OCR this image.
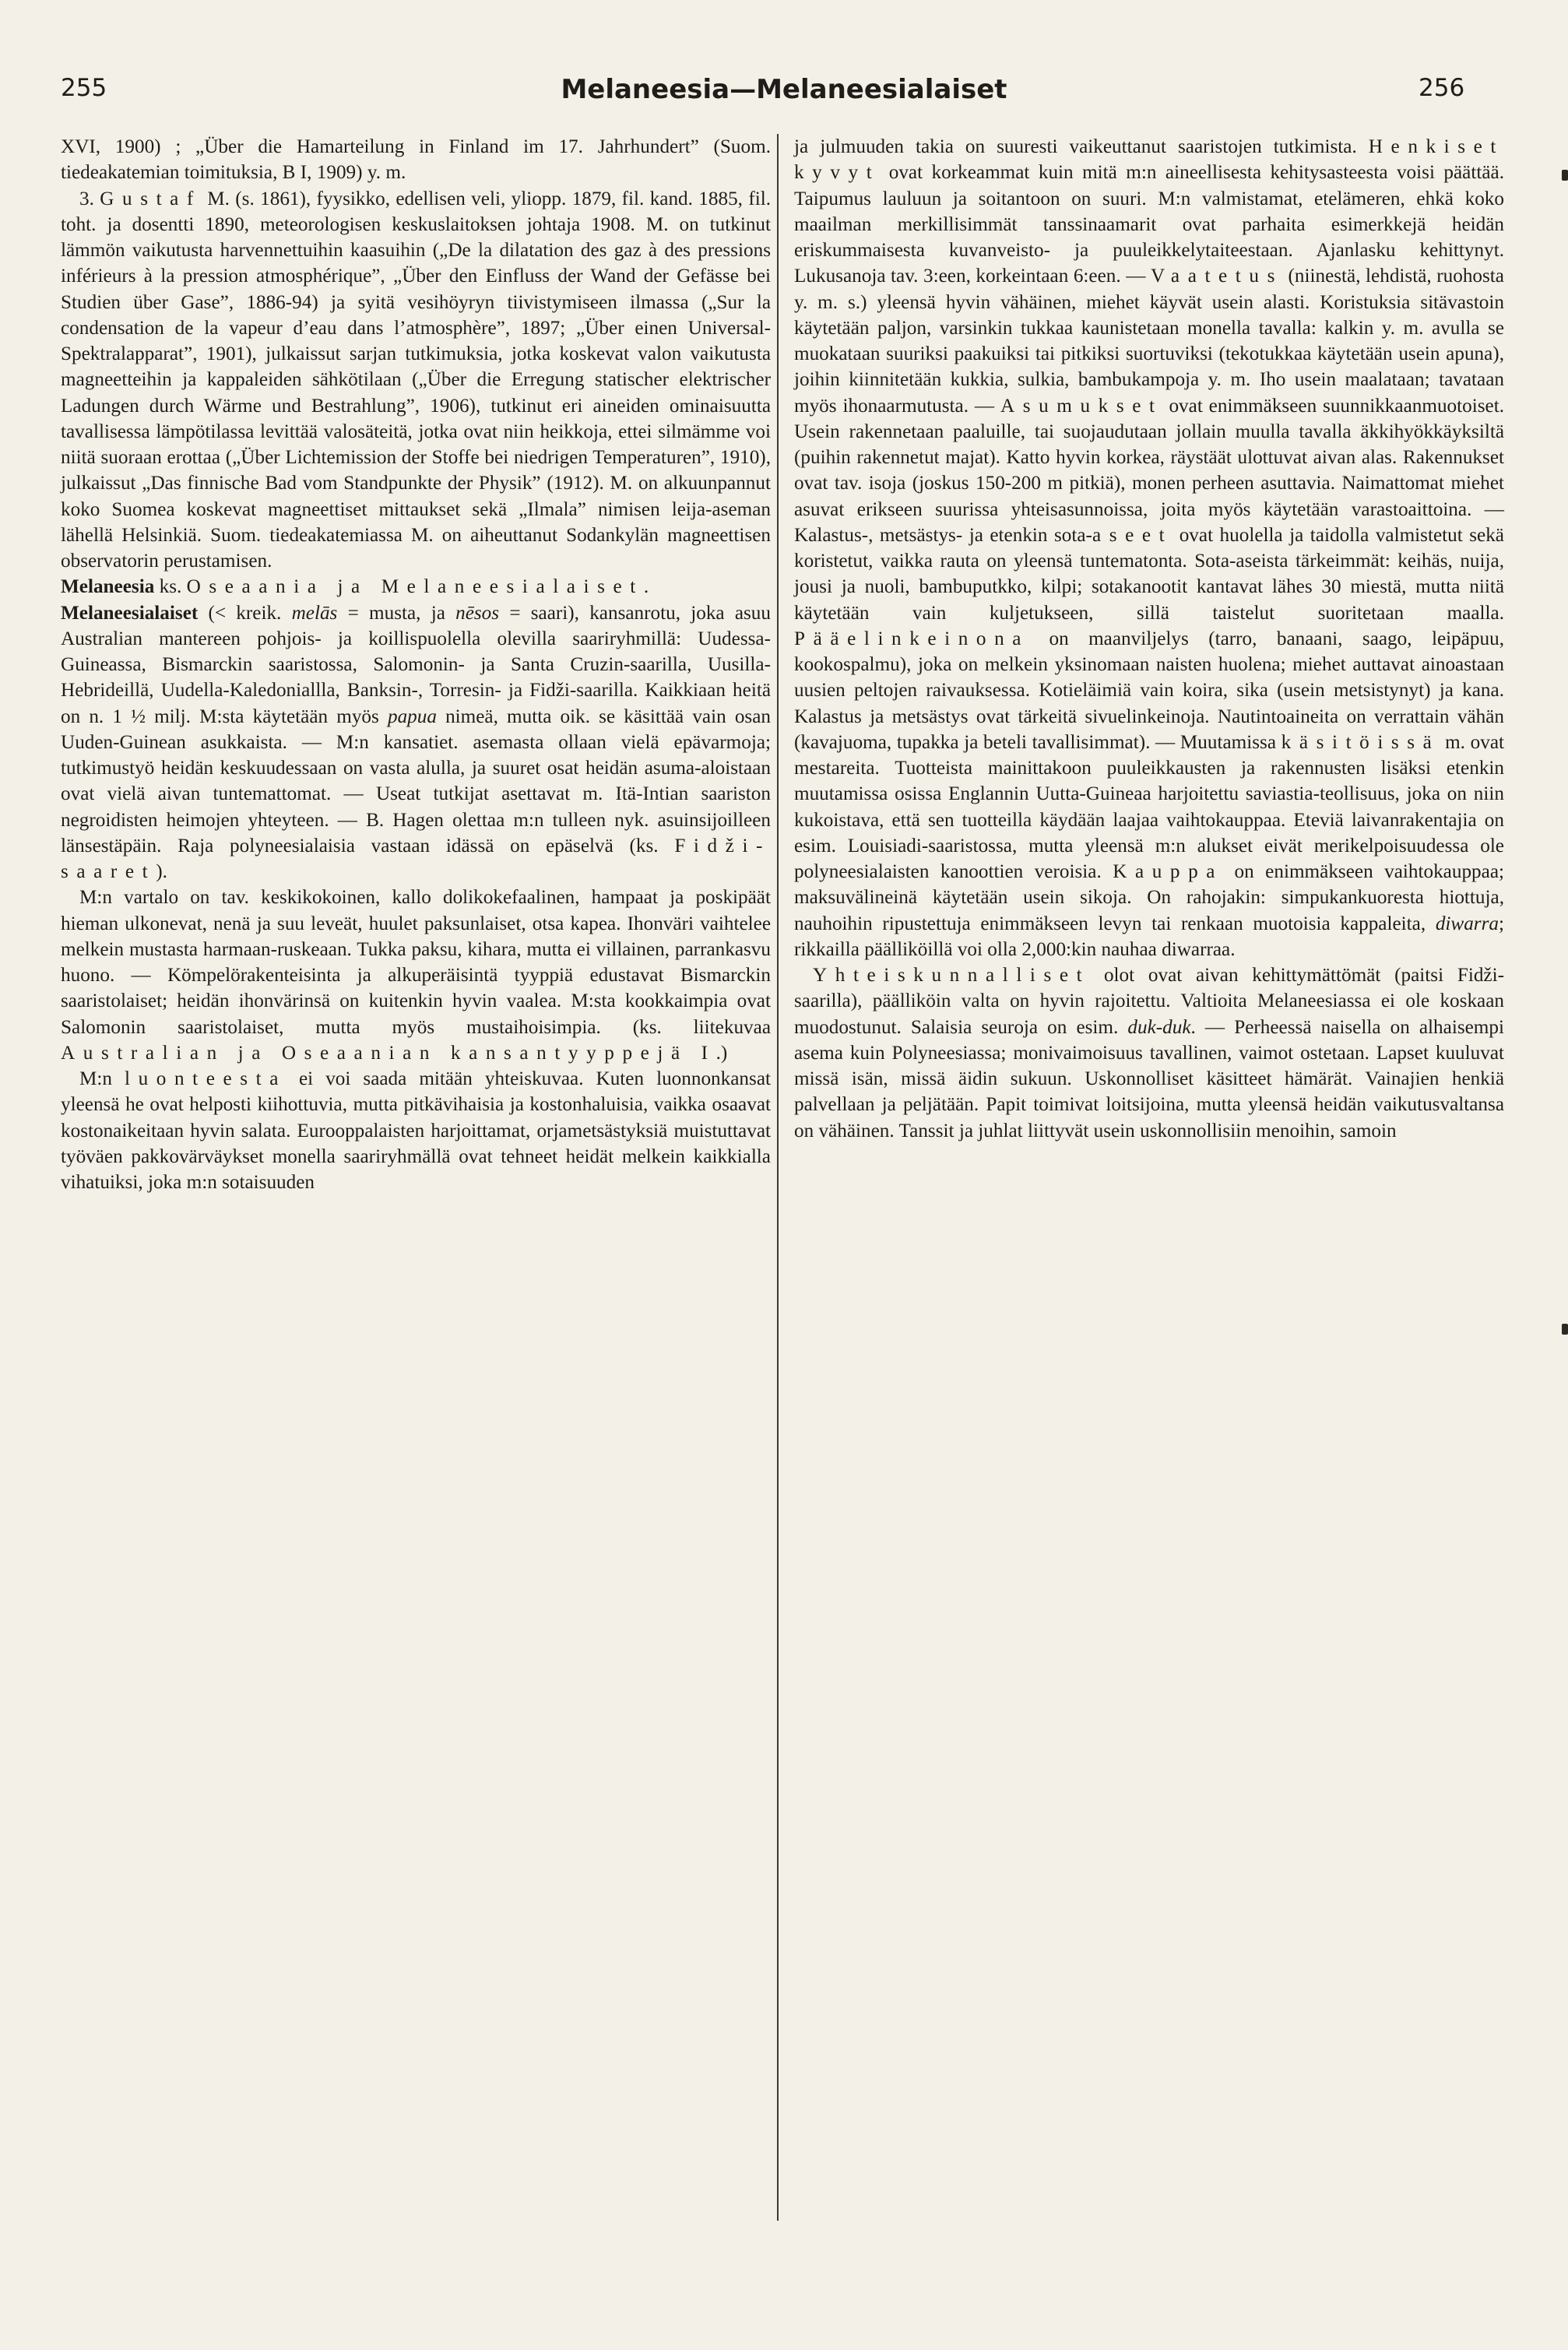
255	Melaneesia—Melaneesialaiset	256

XVI, 1900) ; „Über die Hamarteilung in Finland im 17. Jahrhundert” (Suom. tiedeakatemian toimituksia, B I, 1909) y. m.

3. Gustaf M. (s. 1861), fyysikko, edellisen veli, yliopp. 1879, fil. kand. 1885, fil. toht. ja dosentti 1890, meteorologisen keskuslaitoksen johtaja 1908. M. on tutkinut lämmön vaikutusta harvennettuihin kaasuihin („De la dilatation des gaz à des pressions inférieurs à la pression atmosphérique”, „Über den Einfluss der Wand der Gefässe bei Studien über Gase”, 1886-94) ja syitä vesihöyryn tiivistymiseen ilmassa („Sur la condensation de la vapeur d’eau dans l’atmosphère”, 1897; „Über einen Universal-Spektralapparat”, 1901), julkaissut sarjan tutkimuksia, jotka koskevat valon vaikutusta magneetteihin ja kappaleiden sähkötilaan („Über die Erregung statischer elektrischer Ladungen durch Wärme und Bestrahlung”, 1906), tutkinut eri aineiden ominaisuutta tavallisessa lämpötilassa levittää valosäteitä, jotka ovat niin heikkoja, ettei silmämme voi niitä suoraan erottaa („Über Lichtemission der Stoffe bei niedrigen Temperaturen”, 1910), julkaissut „Das finnische Bad vom Standpunkte der Physik” (1912). M. on alkuunpannut koko Suomea koskevat magneettiset mittaukset sekä „Ilmala” nimisen leija-aseman lähellä Helsinkiä. Suom. tiedeakatemiassa M. on aiheuttanut Sodankylän magneettisen observatorin perustamisen.

Melaneesia ks. Oseaania ja Melaneesialaiset.

Melaneesialaiset (< kreik. melās = musta, ja nēsos = saari), kansanrotu, joka asuu Australian mantereen pohjois- ja koillispuolella olevilla saariryhmillä: Uudessa-Guineassa, Bismarckin saaristossa, Salomonin- ja Santa Cruzin-saarilla, Uusilla-Hebrideillä, Uudella-Kaledoniallla, Banksin-, Torresin- ja Fidži-saarilla. Kaikkiaan heitä on n. 1 ½ milj. M:sta käytetään myös papua nimeä, mutta oik. se käsittää vain osan Uuden-Guinean asukkaista. — M:n kansatiet. asemasta ollaan vielä epävarmoja; tutkimustyö heidän keskuudessaan on vasta alulla, ja suuret osat heidän asuma-aloistaan ovat vielä aivan tuntemattomat. — Useat tutkijat asettavat m. Itä-Intian saariston negroidisten heimojen yhteyteen. — B. Hagen olettaa m:n tulleen nyk. asuinsijoilleen länsestäpäin. Raja polyneesialaisia vastaan idässä on epäselvä (ks. Fidži-saaret).

M:n vartalo on tav. keskikokoinen, kallo dolikokefaalinen, hampaat ja poskipäät hieman ulkonevat, nenä ja suu leveät, huulet paksunlaiset, otsa kapea. Ihonväri vaihtelee melkein mustasta harmaan-ruskeaan. Tukka paksu, kihara, mutta ei villainen, parrankasvu huono. — Kömpelörakenteisinta ja alkuperäisintä tyyppiä edustavat Bismarckin saaristolaiset; heidän ihonvärinsä on kuitenkin hyvin vaalea. M:sta kookkaimpia ovat Salomonin saaristolaiset, mutta myös mustaihoisimpia. (ks. liitekuvaa Australian ja Oseaanian kansantyyppejä I.)

M:n luonteesta ei voi saada mitään yhteiskuvaa. Kuten luonnonkansat yleensä he ovat helposti kiihottuvia, mutta pitkävihaisia ja kostonhaluisia, vaikka osaavat kostonaikeitaan hyvin salata. Eurooppalaisten harjoittamat, orjametsästyksiä muistuttavat työväen pakkovärväykset monella saariryhmällä ovat tehneet heidät melkein kaikkialla vihatuiksi, joka m:n sotaisuuden

ja julmuuden takia on suuresti vaikeuttanut saaristojen tutkimista. Henkiset kyvyt ovat korkeammat kuin mitä m:n aineellisesta kehitysasteesta voisi päättää. Taipumus lauluun ja soitantoon on suuri. M:n valmistamat, etelämeren, ehkä koko maailman merkillisimmät tanssinaamarit ovat parhaita esimerkkejä heidän eriskummaisesta kuvanveisto- ja puuleikkelytaiteestaan. Ajanlasku kehittynyt. Lukusanoja tav. 3:een, korkeintaan 6:een. — Vaatetus (niinestä, lehdistä, ruohosta y. m. s.) yleensä hyvin vähäinen, miehet käyvät usein alasti. Koristuksia sitävastoin käytetään paljon, varsinkin tukkaa kaunistetaan monella tavalla: kalkin y. m. avulla se muokataan suuriksi paakuiksi tai pitkiksi suortuviksi (tekotukkaa käytetään usein apuna), joihin kiinnitetään kukkia, sulkia, bambukampoja y. m. Iho usein maalataan; tavataan myös ihonaarmutusta. — Asumukset ovat enimmäkseen suunnikkaanmuotoiset. Usein rakennetaan paaluille, tai suojaudutaan jollain muulla tavalla äkkihyökkäyksiltä (puihin rakennetut majat). Katto hyvin korkea, räystäät ulottuvat aivan alas. Rakennukset ovat tav. isoja (joskus 150-200 m pitkiä), monen perheen asuttavia. Naimattomat miehet asuvat erikseen suurissa yhteisasunnoissa, joita myös käytetään varastoaittoina. — Kalastus-, metsästys- ja etenkin sota-aseet ovat huolella ja taidolla valmistetut sekä koristetut, vaikka rauta on yleensä tuntematonta. Sota-aseista tärkeimmät: keihäs, nuija, jousi ja nuoli, bambuputkko, kilpi; sotakanootit kantavat lähes 30 miestä, mutta niitä käytetään vain kuljetukseen, sillä taistelut suoritetaan maalla. Pääelinkeinona on maanviljelys (tarro, banaani, saago, leipäpuu, kookospalmu), joka on melkein yksinomaan naisten huolena; miehet auttavat ainoastaan uusien peltojen raivauksessa. Kotieläimiä vain koira, sika (usein metsistynyt) ja kana. Kalastus ja metsästys ovat tärkeitä sivuelinkeinoja. Nautintoaineita on verrattain vähän (kavajuoma, tupakka ja beteli tavallisimmat). — Muutamissa käsitöissä m. ovat mestareita. Tuotteista mainittakoon puuleikkausten ja rakennusten lisäksi etenkin muutamissa osissa Englannin Uutta-Guineaa harjoitettu saviastia-teollisuus, joka on niin kukoistava, että sen tuotteilla käydään laajaa vaihtokauppaa. Eteviä laivanrakentajia on esim. Louisiadi-saaristossa, mutta yleensä m:n alukset eivät merikelpoisuudessa ole polyneesialaisten kanoottien veroisia. Kauppa on enimmäkseen vaihtokauppaa; maksuvälineinä käytetään usein sikoja. On rahojakin: simpukankuoresta hiottuja, nauhoihin ripustettuja enimmäkseen levyn tai renkaan muotoisia kappaleita, diwarra; rikkailla päälliköillä voi olla 2,000:kin nauhaa diwarraa.

Yhteiskunnalliset olot ovat aivan kehittymättömät (paitsi Fidži-saarilla), päälliköin valta on hyvin rajoitettu. Valtioita Melaneesiassa ei ole koskaan muodostunut. Salaisia seuroja on esim. duk-duk. — Perheessä naisella on alhaisempi asema kuin Polyneesiassa; monivaimoisuus tavallinen, vaimot ostetaan. Lapset kuuluvat missä isän, missä äidin sukuun. Uskonnolliset käsitteet hämärät. Vainajien henkiä palvellaan ja peljätään. Papit toimivat loitsijoina, mutta yleensä heidän vaikutusvaltansa on vähäinen. Tanssit ja juhlat liittyvät usein uskonnollisiin menoihin, samoin
